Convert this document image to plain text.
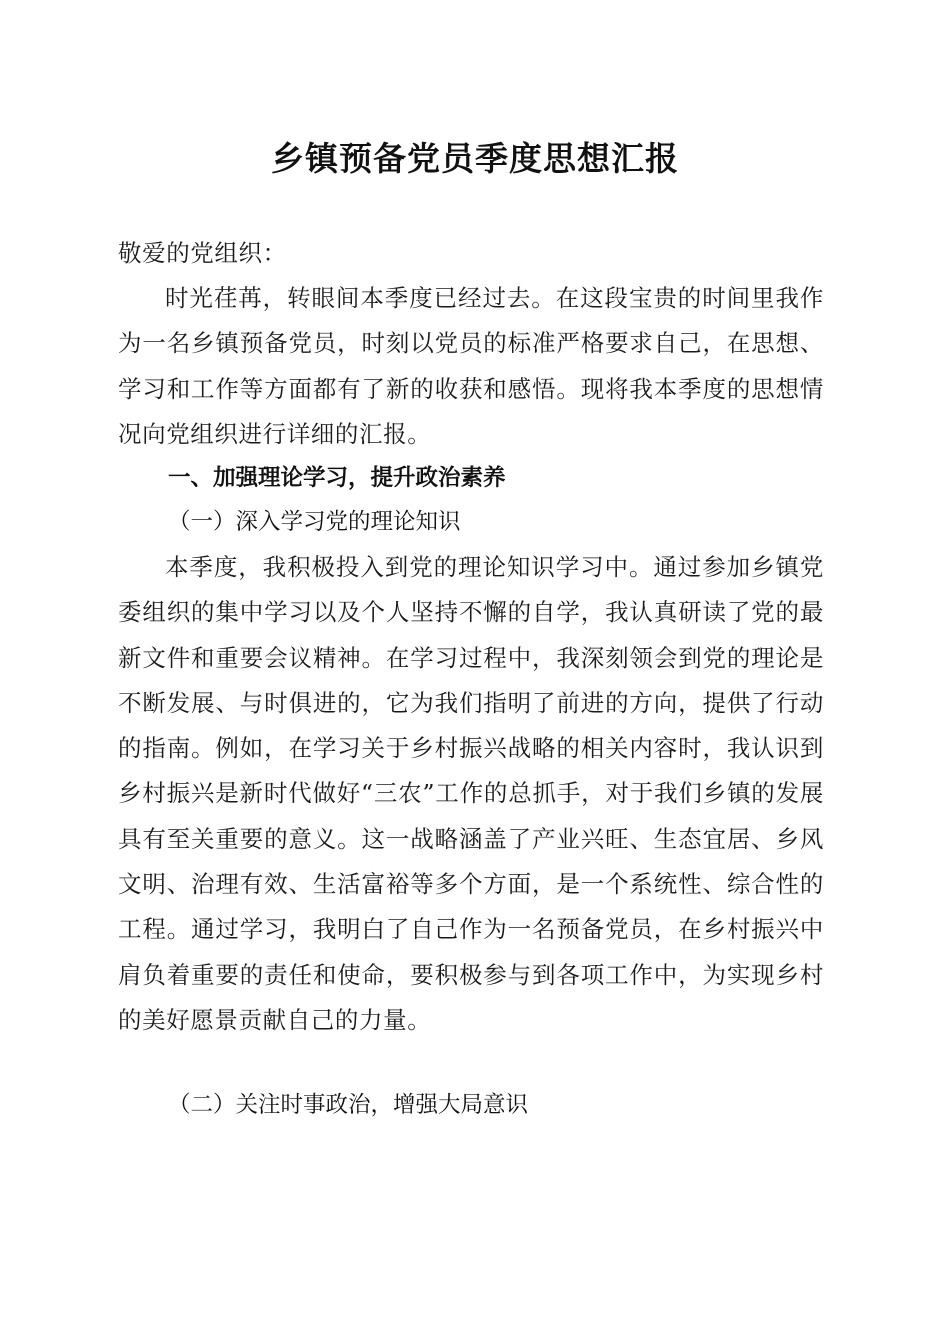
乡镇预备党员季度思想汇报
敬爱的党组织：
时光荏苒，转眼间本季度已经过去。在这段宝贵的时间里我作为一名乡镇预备党员，时刻以党员的标准严格要求自己，在思想、学习和工作等方面都有了新的收获和感悟。现将我本季度的思想情况向党组织进行详细的汇报。
一、加强理论学习，提升政治素养
（一）深入学习党的理论知识
本季度，我积极投入到党的理论知识学习中。通过参加乡镇党委组织的集中学习以及个人坚持不懈的自学，我认真研读了党的最新文件和重要会议精神。在学习过程中，我深刻领会到党的理论是不断发展、与时俱进的，它为我们指明了前进的方向，提供了行动的指南。例如，在学习关于乡村振兴战略的相关内容时，我认识到乡村振兴是新时代做好“三农”工作的总抓手，对于我们乡镇的发展具有至关重要的意义。这一战略涵盖了产业兴旺、生态宜居、乡风文明、治理有效、生活富裕等多个方面，是一个系统性、综合性的工程。通过学习，我明白了自己作为一名预备党员，在乡村振兴中肩负着重要的责任和使命，要积极参与到各项工作中，为实现乡村的美好愿景贡献自己的力量。
（二）关注时事政治，增强大局意识
